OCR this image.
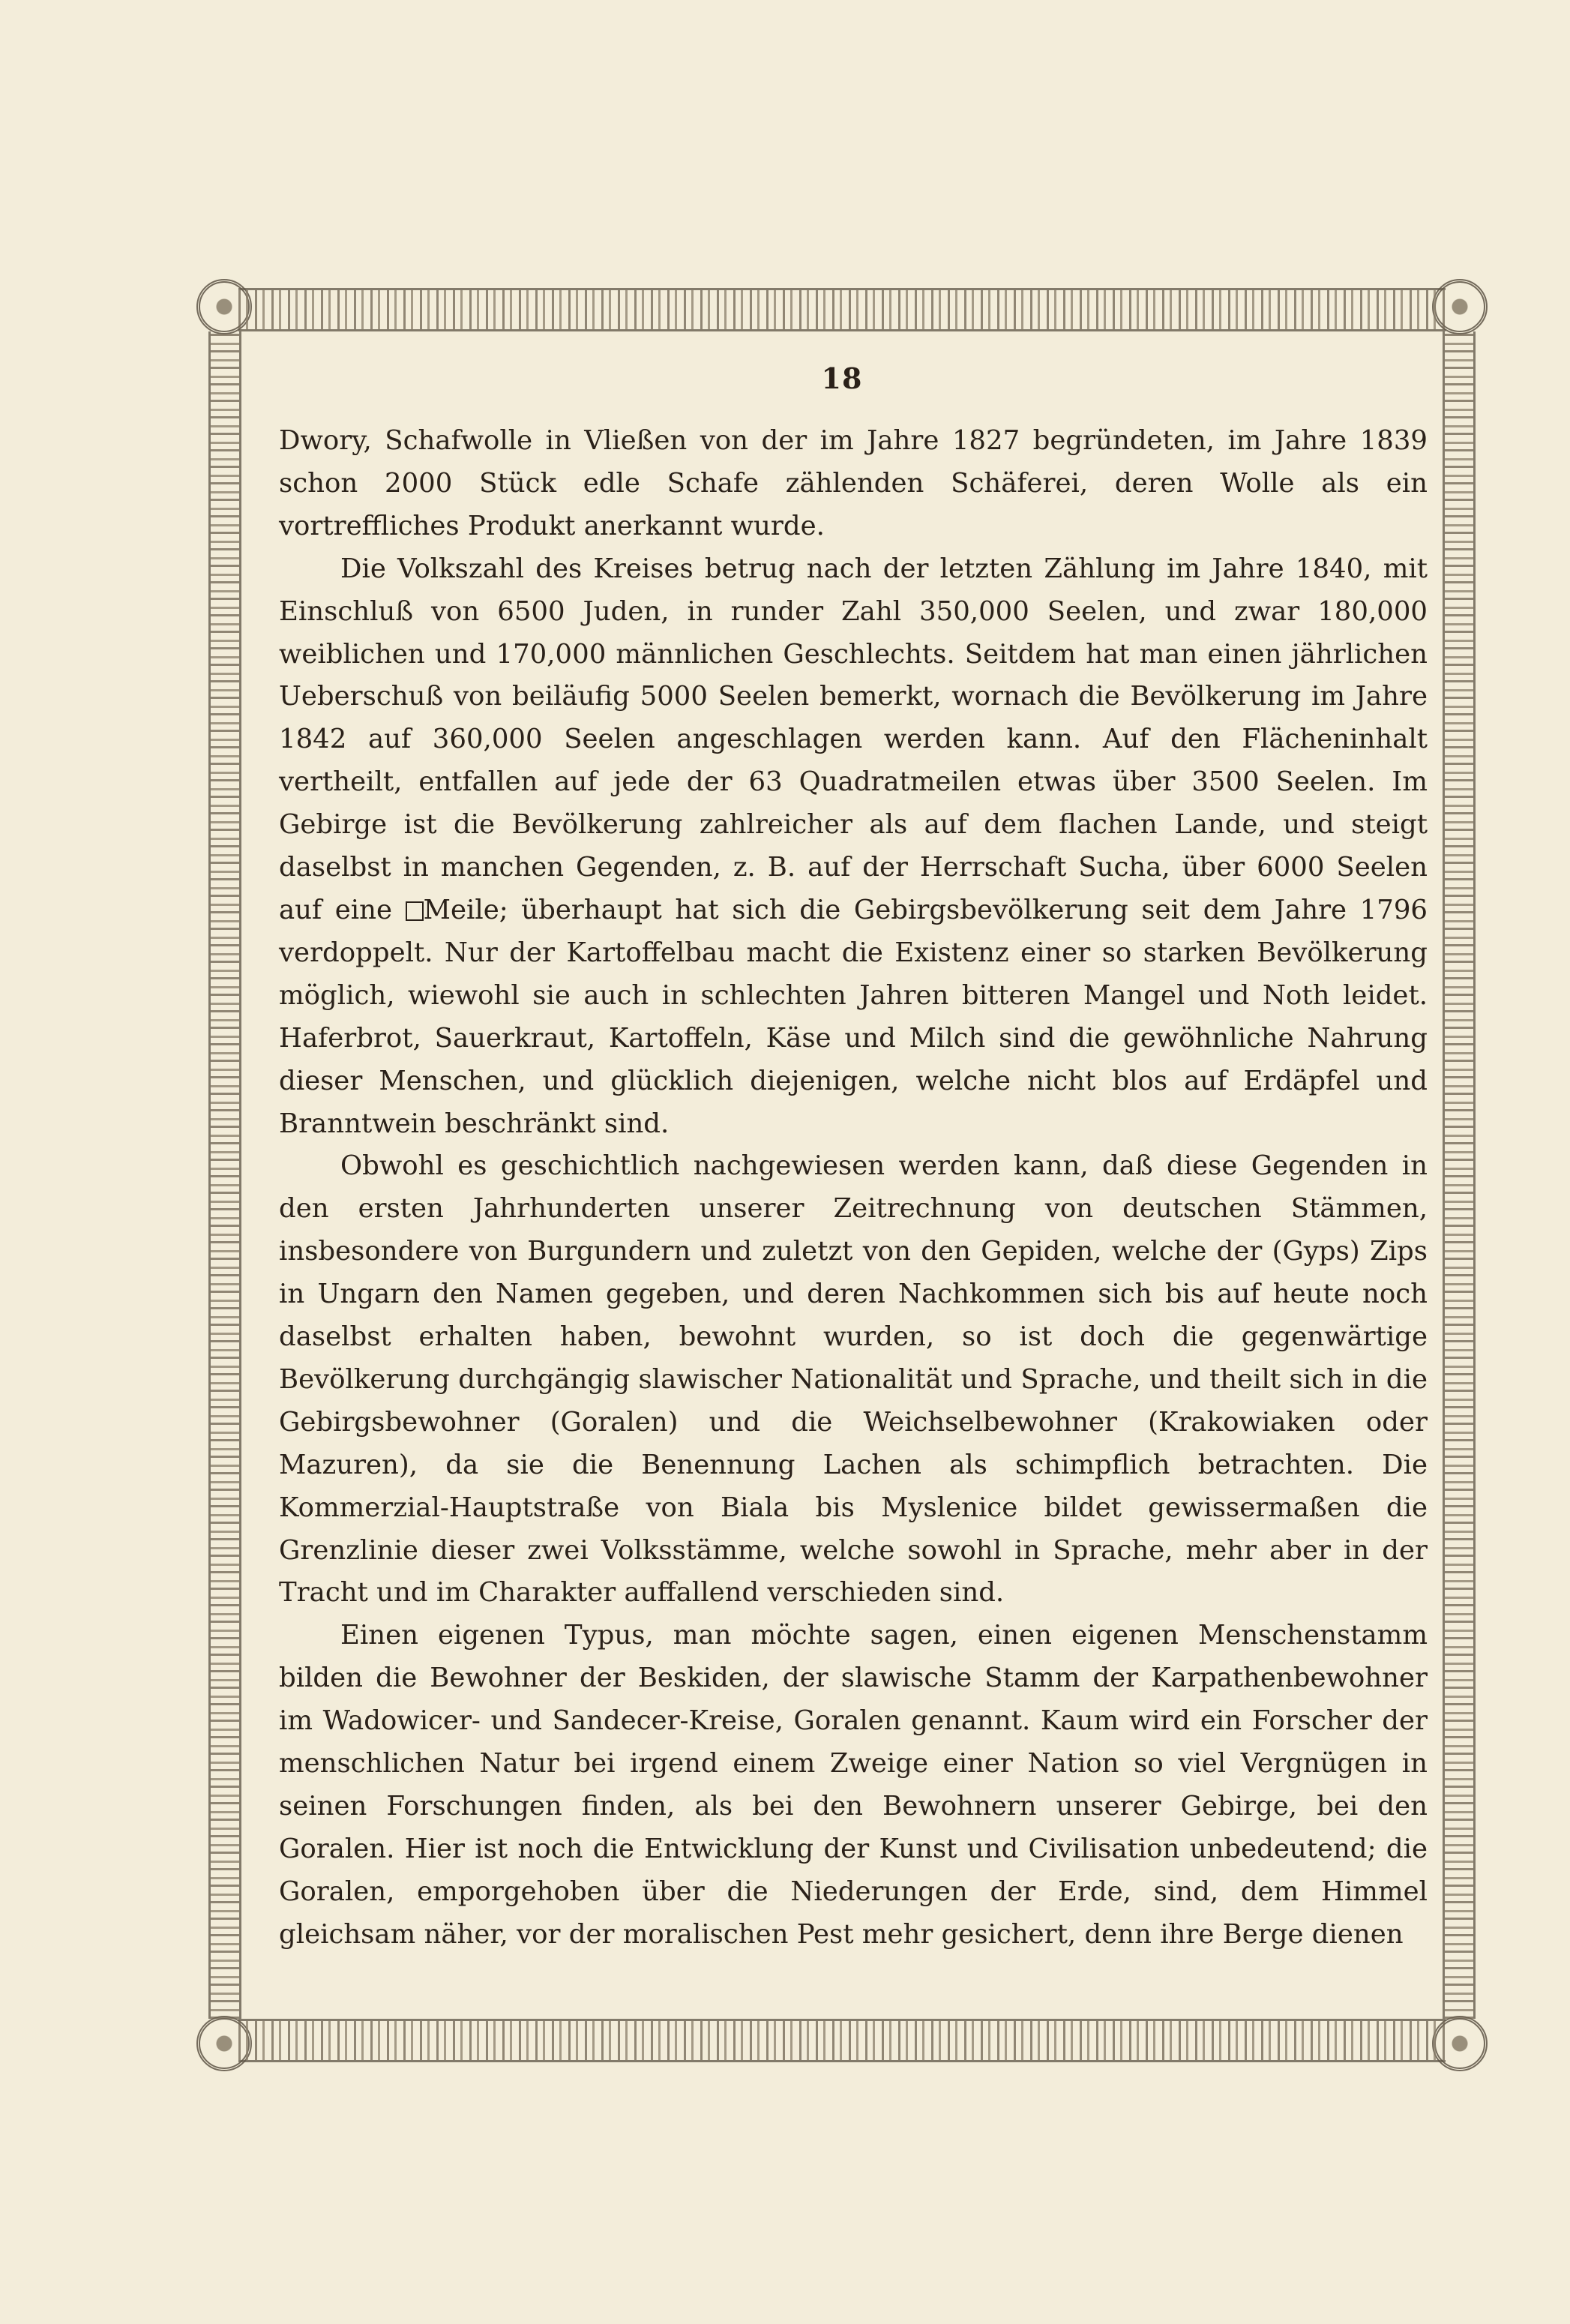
18

Dwory, Schafwolle in Vließen von der im Jahre 1827 begründeten, im Jahre 1839 schon 2000 Stück edle Schafe zählenden Schäferei, deren Wolle als ein vortreffliches Produkt anerkannt wurde.

Die Volkszahl des Kreises betrug nach der letzten Zählung im Jahre 1840, mit Einschluß von 6500 Juden, in runder Zahl 350,000 Seelen, und zwar 180,000 weiblichen und 170,000 männlichen Geschlechts. Seitdem hat man einen jährlichen Ueberschuß von beiläufig 5000 Seelen bemerkt, wornach die Bevölkerung im Jahre 1842 auf 360,000 Seelen angeschlagen werden kann. Auf den Flächeninhalt vertheilt, entfallen auf jede der 63 Quadratmeilen etwas über 3500 Seelen. Im Gebirge ist die Bevölkerung zahlreicher als auf dem flachen Lande, und steigt daselbst in manchen Gegenden, z. B. auf der Herrschaft Sucha, über 6000 Seelen auf eine Meile; überhaupt hat sich die Gebirgsbevölkerung seit dem Jahre 1796 verdoppelt. Nur der Kartoffelbau macht die Existenz einer so starken Bevölkerung möglich, wiewohl sie auch in schlechten Jahren bitteren Mangel und Noth leidet. Haferbrot, Sauerkraut, Kartoffeln, Käse und Milch sind die gewöhnliche Nahrung dieser Menschen, und glücklich diejenigen, welche nicht blos auf Erdäpfel und Branntwein beschränkt sind.

Obwohl es geschichtlich nachgewiesen werden kann, daß diese Gegenden in den ersten Jahrhunderten unserer Zeitrechnung von deutschen Stämmen, insbesondere von Burgundern und zuletzt von den Gepiden, welche der (Gyps) Zips in Ungarn den Namen gegeben, und deren Nachkommen sich bis auf heute noch daselbst erhalten haben, bewohnt wurden, so ist doch die gegenwärtige Bevölkerung durchgängig slawischer Nationalität und Sprache, und theilt sich in die Gebirgsbewohner (Goralen) und die Weichselbewohner (Krakowiaken oder Mazuren), da sie die Benennung Lachen als schimpflich betrachten. Die Kommerzial-Hauptstraße von Biala bis Myslenice bildet gewissermaßen die Grenzlinie dieser zwei Volksstämme, welche sowohl in Sprache, mehr aber in der Tracht und im Charakter auffallend verschieden sind.

Einen eigenen Typus, man möchte sagen, einen eigenen Menschenstamm bilden die Bewohner der Beskiden, der slawische Stamm der Karpathenbewohner im Wadowicer- und Sandecer-Kreise, Goralen genannt. Kaum wird ein Forscher der menschlichen Natur bei irgend einem Zweige einer Nation so viel Vergnügen in seinen Forschungen finden, als bei den Bewohnern unserer Gebirge, bei den Goralen. Hier ist noch die Entwicklung der Kunst und Civilisation unbedeutend; die Goralen, emporgehoben über die Niederungen der Erde, sind, dem Himmel gleichsam näher, vor der moralischen Pest mehr gesichert, denn ihre Berge dienen
